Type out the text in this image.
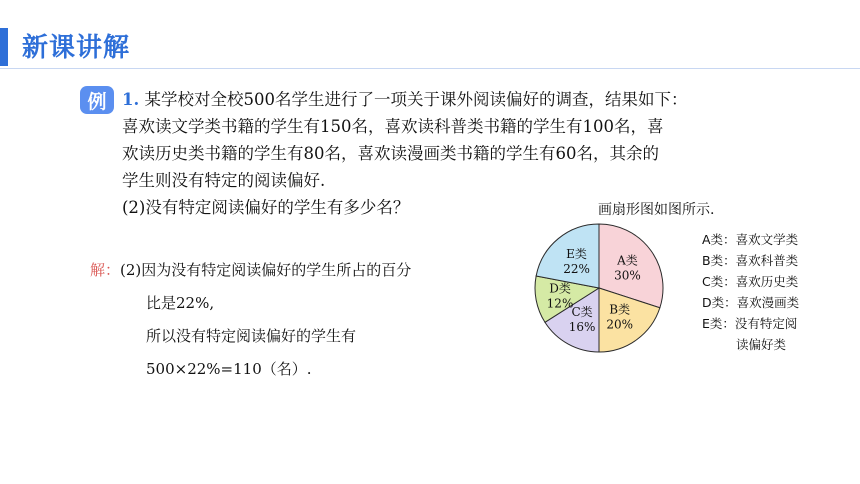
新课讲解
例 1. 某学校对全校500名学生进行了一项关于课外阅读偏好的调查，结果如下：

喜欢读文学类书籍的学生有150名，喜欢读科普类书籍的学生有100名，喜

欢读历史类书籍的学生有80名，喜欢读漫画类书籍的学生有60名，其余的

学生则没有特定的阅读偏好.

(2)没有特定阅读偏好的学生有多少名？	画扇形图如图所示.
A类
30%
B类
20%
C类
16%
D类
12%
E类
22%

A类：喜欢文学类

B类：喜欢科普类

C类：喜欢历史类

D类：喜欢漫画类

E类：没有特定阅

读偏好类

解：(2)因为没有特定阅读偏好的学生所占的百分

比是22%,

所以没有特定阅读偏好的学生有

500×22%=110（名）.
